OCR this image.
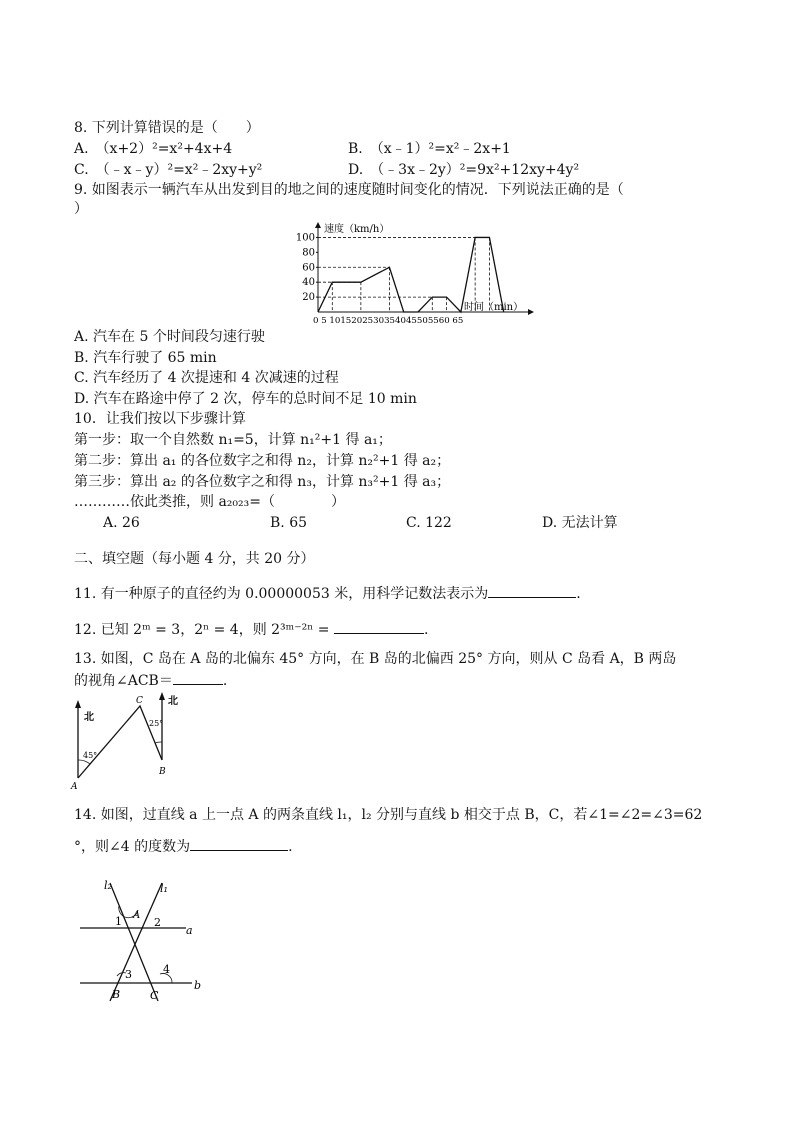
8. 下列计算错误的是（　　）
A.　（x+2）²=x²+4x+4	B.　（x﹣1）²=x²﹣2x+1
C.　（﹣x﹣y）²=x²﹣2xy+y²	D.　（﹣3x﹣2y）²=9x²+12xy+4y²
9. 如图表示一辆汽车从出发到目的地之间的速度随时间变化的情况．下列说法正确的是（
）
速度（km/h）
时间（min）
0 5 1015202530354045505560 65
20
40
60
80
100
A. 汽车在 5 个时间段匀速行驶
B. 汽车行驶了 65 min
C. 汽车经历了 4 次提速和 4 次减速的过程
D. 汽车在路途中停了 2 次，停车的总时间不足 10 min
10．让我们按以下步骤计算
第一步：取一个自然数 n₁=5，计算 n₁²+1 得 a₁；
第二步：算出 a₁ 的各位数字之和得 n₂，计算 n₂²+1 得 a₂；
第三步：算出 a₂ 的各位数字之和得 n₃，计算 n₃²+1 得 a₃；
…………依此类推，则 a₂₀₂₃=（　　　　）
A. 26	B. 65	C. 122	D. 无法计算
二、填空题（每小题 4 分，共 20 分）
11. 有一种原子的直径约为 0.00000053 米，用科学记数法表示为	.
12. 已知 2ᵐ = 3，2ⁿ = 4，则 2³ᵐ⁻²ⁿ =	.
13. 如图，C 岛在 A 岛的北偏东 45° 方向，在 B 岛的北偏西 25° 方向，则从 C 岛看 A，B 两岛
的视角∠ACB＝	.
北
北
A
B
C
45°
25°
14. 如图，过直线 a 上一点 A 的两条直线 l₁，l₂ 分别与直线 b 相交于点 B，C，若∠1=∠2=∠3=62
°，则∠4 的度数为	.
l₂	l₁
a
b
A
B	C
1	2
3	4
